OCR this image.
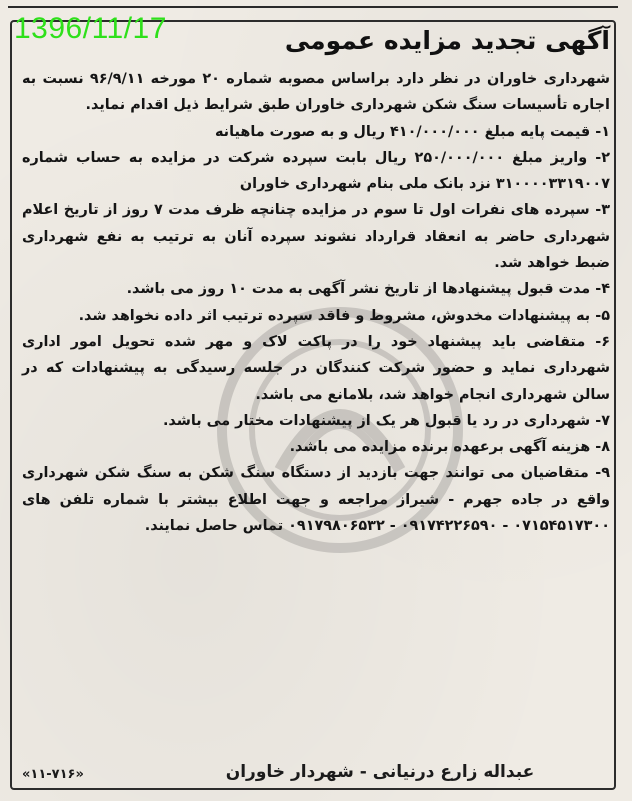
1396/11/17	آگهی تجدید مزایده عمومی

شهرداری خاوران در نظر دارد براساس مصوبه شماره ۲۰ مورخه ۹۶/۹/۱۱ نسبت به اجاره تأسیسات سنگ شکن شهرداری خاوران طبق شرایط ذیل اقدام نماید.

۱- قیمت پایه مبلغ ۴۱۰/۰۰۰/۰۰۰ ریال و به صورت ماهیانه

۲- واریز مبلغ ۲۵۰/۰۰۰/۰۰۰ ریال بابت سپرده شرکت در مزایده به حساب شماره ۳۱۰۰۰۰۳۳۱۹۰۰۷ نزد بانک ملی بنام شهرداری خاوران

۳- سپرده های نفرات اول تا سوم در مزایده چنانچه ظرف مدت ۷ روز از تاریخ اعلام شهرداری حاضر به انعقاد قرارداد نشوند سپرده آنان به ترتیب به نفع شهرداری ضبط خواهد شد.

۴- مدت قبول پیشنهادها از تاریخ نشر آگهی به مدت ۱۰ روز می باشد.

۵- به پیشنهادات مخدوش، مشروط و فاقد سپرده ترتیب اثر داده نخواهد شد.

۶- متقاضی باید پیشنهاد خود را در پاکت لاک و مهر شده تحویل امور اداری شهرداری نماید و حضور شرکت کنندگان در جلسه رسیدگی به پیشنهادات که در سالن شهرداری انجام خواهد شد، بلامانع می باشد.

۷- شهرداری در رد یا قبول هر یک از پیشنهادات مختار می باشد.

۸- هزینه آگهی برعهده برنده مزایده می باشد.

۹- متقاضیان می توانند جهت بازدید از دستگاه سنگ شکن به سنگ شکن شهرداری واقع در جاده جهرم - شیراز مراجعه و جهت اطلاع بیشتر با شماره تلفن های ۰۷۱۵۴۵۱۷۳۰۰ - ۰۹۱۷۴۲۲۶۵۹۰ - ۰۹۱۷۹۸۰۶۵۳۲ تماس حاصل نمایند.

عبداله زارع درنیانی - شهردار خاوران
«۱۱-۷۱۶»
